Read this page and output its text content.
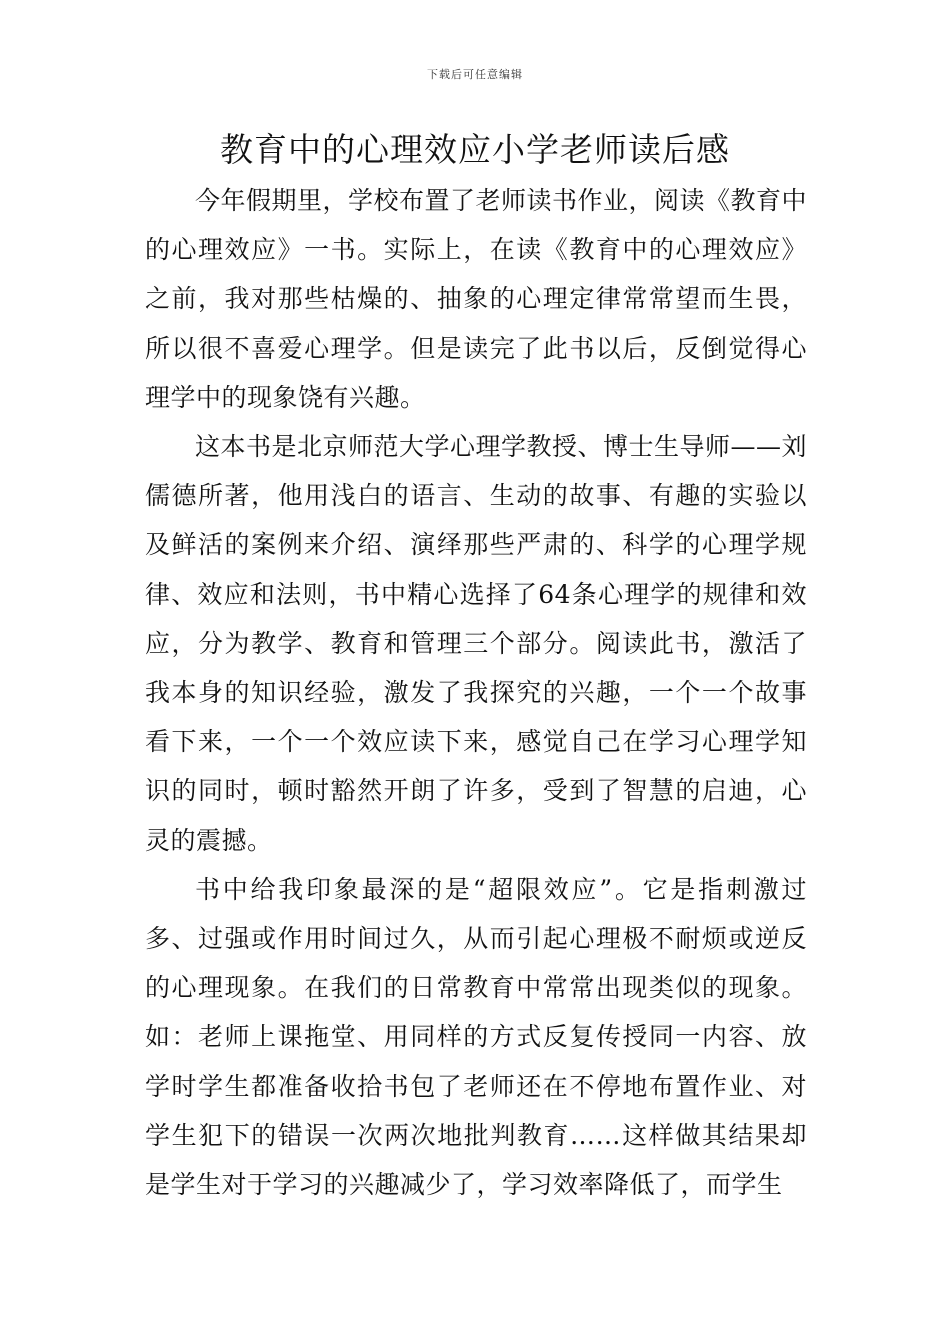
下载后可任意编辑
教育中的心理效应小学老师读后感

今年假期里，学校布置了老师读书作业，阅读《教育中的心理效应》一书。实际上，在读《教育中的心理效应》之前，我对那些枯燥的、抽象的心理定律常常望而生畏，所以很不喜爱心理学。但是读完了此书以后，反倒觉得心理学中的现象饶有兴趣。

这本书是北京师范大学心理学教授、博士生导师——刘儒德所著，他用浅白的语言、生动的故事、有趣的实验以及鲜活的案例来介绍、演绎那些严肃的、科学的心理学规律、效应和法则，书中精心选择了64条心理学的规律和效应，分为教学、教育和管理三个部分。阅读此书，激活了我本身的知识经验，激发了我探究的兴趣，一个一个故事看下来，一个一个效应读下来，感觉自己在学习心理学知识的同时，顿时豁然开朗了许多，受到了智慧的启迪，心灵的震撼。

书中给我印象最深的是“超限效应”。它是指刺激过多、过强或作用时间过久，从而引起心理极不耐烦或逆反的心理现象。在我们的日常教育中常常出现类似的现象。如：老师上课拖堂、用同样的方式反复传授同一内容、放学时学生都准备收拾书包了老师还在不停地布置作业、对学生犯下的错误一次两次地批判教育……这样做其结果却是学生对于学习的兴趣减少了，学习效率降低了，而学生
